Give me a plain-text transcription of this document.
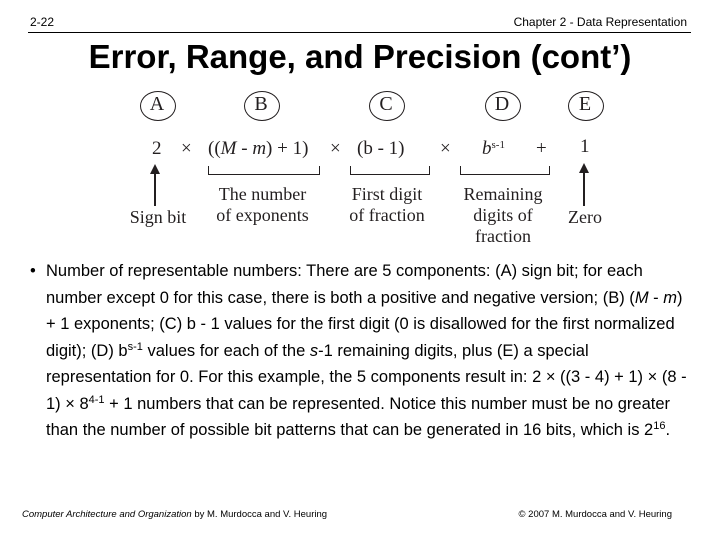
2-22	Chapter 2 - Data Representation
Error, Range, and Precision (cont’)
A	B	C	D	E
$2 \times ((M - m) + 1) \times (b - 1) \times b^{s-1} + 1$
Sign bit
The number
of exponents
First digit
of fraction
Remaining
digits of
fraction
Zero
• Number of representable numbers: There are 5 components: (A) sign bit; for each number except 0 for this case, there is both a positive and negative version; (B) (M - m) + 1 exponents; (C) b - 1 values for the first digit (0 is disallowed for the first normalized digit); (D) $b^{s-1}$ values for each of the s-1 remaining digits, plus (E) a special representation for 0. For this example, the 5 components result in: $2 \times ((3 - 4) + 1) \times (8 - 1) \times 8^{4-1} + 1$ numbers that can be represented. Notice this number must be no greater than the number of possible bit patterns that can be generated in 16 bits, which is $2^{16}$.
Computer Architecture and Organization by M. Murdocca and V. Heuring	© 2007 M. Murdocca and V. Heuring
